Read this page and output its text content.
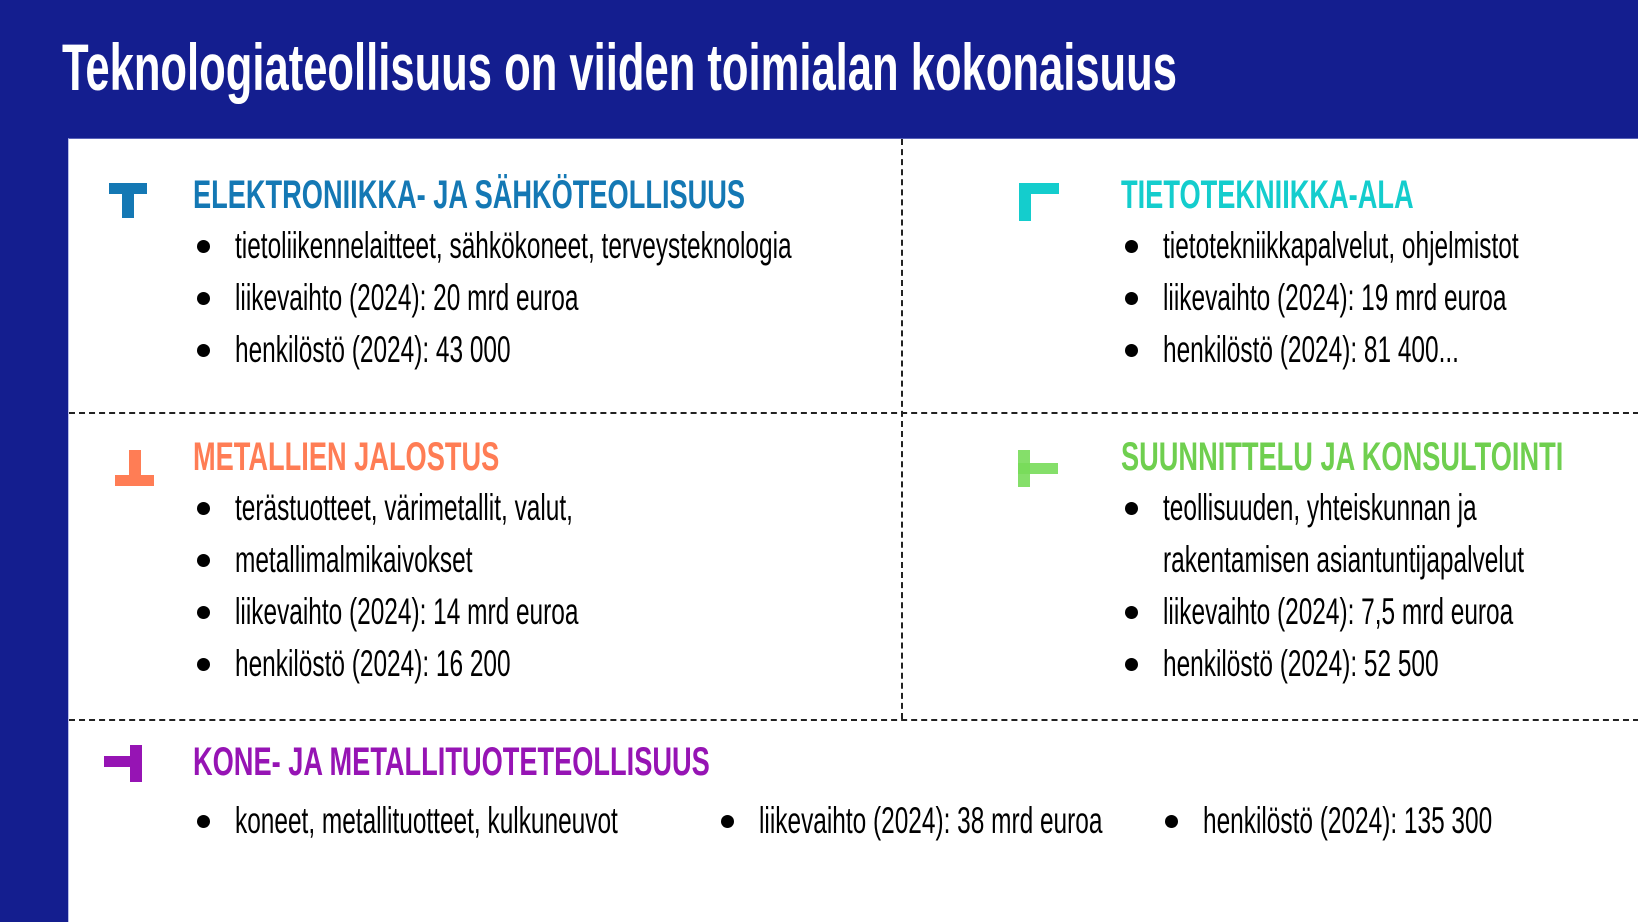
Teknologiateollisuus on viiden toimialan kokonaisuus
ELEKTRONIIKKA- JA SÄHKÖTEOLLISUUS
tietoliikennelaitteet, sähkökoneet, terveysteknologia
liikevaihto (2024): 20 mrd euroa
henkilöstö (2024): 43 000
TIETOTEKNIIKKA-ALA
tietotekniikkapalvelut, ohjelmistot
liikevaihto (2024): 19 mrd euroa
henkilöstö (2024): 81 400...
METALLIEN JALOSTUS
terästuotteet, värimetallit, valut,
metallimalmikaivokset
liikevaihto (2024): 14 mrd euroa
henkilöstö (2024): 16 200
SUUNNITTELU JA KONSULTOINTI
teollisuuden, yhteiskunnan ja
rakentamisen asiantuntijapalvelut
liikevaihto (2024): 7,5 mrd euroa
henkilöstö (2024): 52 500
KONE- JA METALLITUOTETEOLLISUUS
koneet, metallituotteet, kulkuneuvot	liikevaihto (2024): 38 mrd euroa	henkilöstö (2024): 135 300
